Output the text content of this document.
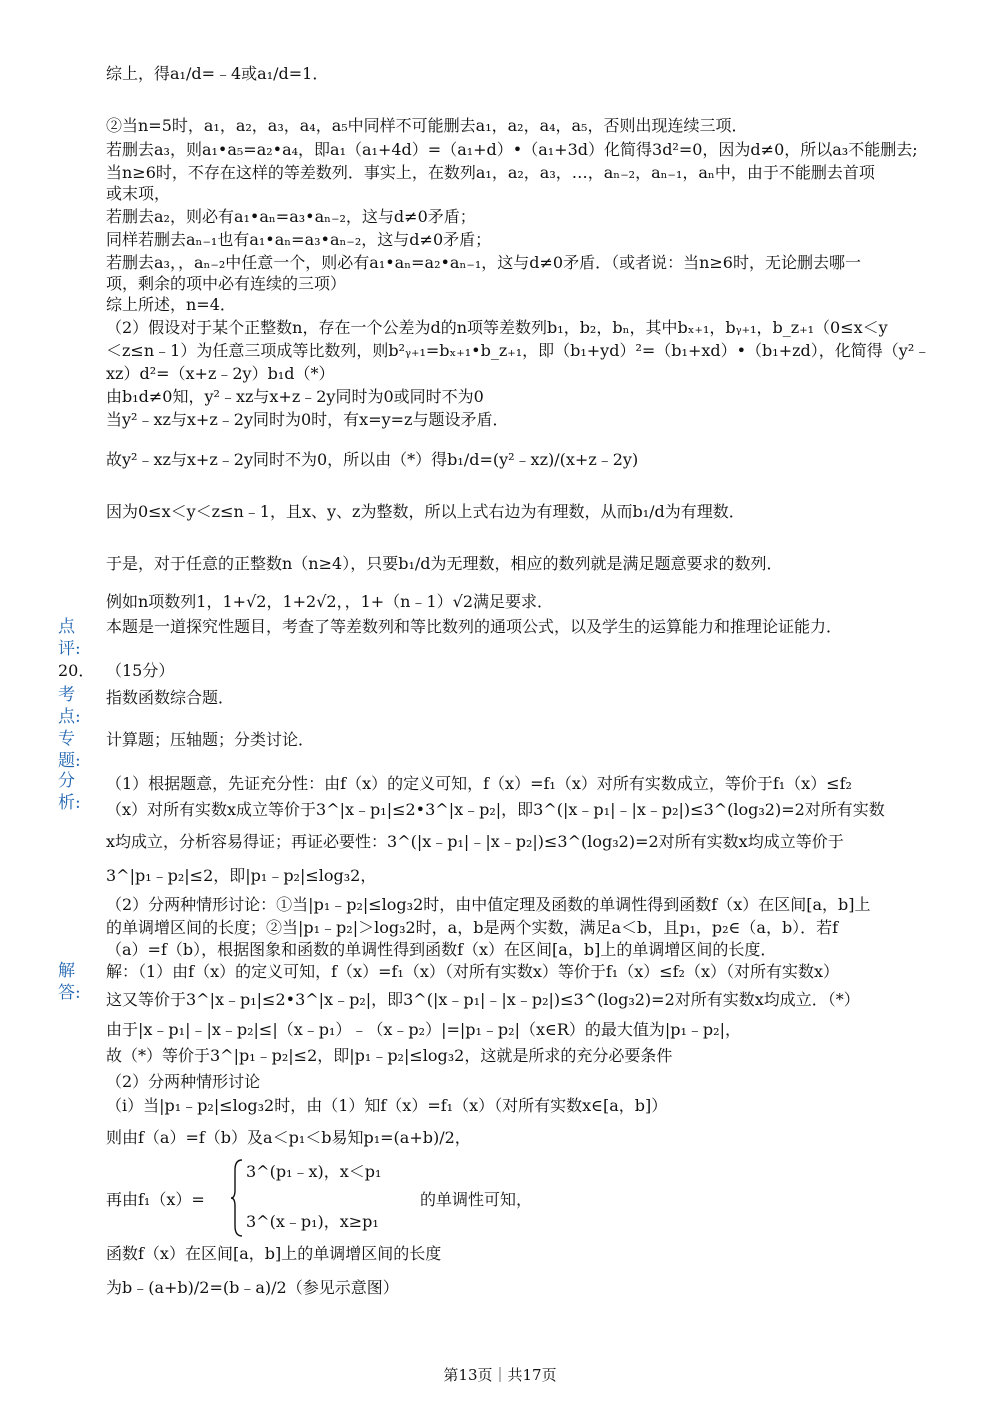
综上，得a₁/d=﹣4或a₁/d=1．
②当n=5时，a₁，a₂，a₃，a₄，a₅中同样不可能删去a₁，a₂，a₄，a₅，否则出现连续三项．
若删去a₃，则a₁•a₅=a₂•a₄，即a₁（a₁+4d）=（a₁+d）•（a₁+3d）化简得3d²=0，因为d≠0，所以a₃不能删去;
当n≥6时，不存在这样的等差数列．事实上，在数列a₁，a₂，a₃，…，aₙ₋₂，aₙ₋₁，aₙ中，由于不能删去首项
或末项，
若删去a₂，则必有a₁•aₙ=a₃•aₙ₋₂，这与d≠0矛盾；
同样若删去aₙ₋₁也有a₁•aₙ=a₃•aₙ₋₂，这与d≠0矛盾；
若删去a₃，，aₙ₋₂中任意一个，则必有a₁•aₙ=a₂•aₙ₋₁，这与d≠0矛盾．（或者说：当n≥6时，无论删去哪一
项，剩余的项中必有连续的三项）
综上所述，n=4．
（2）假设对于某个正整数n，存在一个公差为d的n项等差数列b₁，b₂，bₙ，其中bₓ₊₁，bᵧ₊₁，b_z₊₁（0≤x＜y
＜z≤n﹣1）为任意三项成等比数列，则b²ᵧ₊₁=bₓ₊₁•b_z₊₁，即（b₁+yd）²=（b₁+xd）•（b₁+zd），化简得（y²﹣
xz）d²=（x+z﹣2y）b₁d（*）
由b₁d≠0知，y²﹣xz与x+z﹣2y同时为0或同时不为0
当y²﹣xz与x+z﹣2y同时为0时，有x=y=z与题设矛盾．
故y²﹣xz与x+z﹣2y同时不为0，所以由（*）得b₁/d=(y²﹣xz)/(x+z﹣2y)
因为0≤x＜y＜z≤n﹣1，且x、y、z为整数，所以上式右边为有理数，从而b₁/d为有理数．
于是，对于任意的正整数n（n≥4），只要b₁/d为无理数，相应的数列就是满足题意要求的数列．
例如n项数列1，1+√2，1+2√2，，1+（n﹣1）√2满足要求．
点
评:
本题是一道探究性题目，考查了等差数列和等比数列的通项公式，以及学生的运算能力和推理论证能力．
20． （15分）
考
点:
指数函数综合题．
专
题:
计算题；压轴题；分类讨论．
分
析:
（1）根据题意，先证充分性：由f（x）的定义可知，f（x）=f₁（x）对所有实数成立，等价于f₁（x）≤f₂
（x）对所有实数x成立等价于3^|x﹣p₁|≤2•3^|x﹣p₂|，即3^(|x﹣p₁|﹣|x﹣p₂|)≤3^(log₃2)=2对所有实数
x均成立，分析容易得证；再证必要性：3^(|x﹣p₁|﹣|x﹣p₂|)≤3^(log₃2)=2对所有实数x均成立等价于
3^|p₁﹣p₂|≤2，即|p₁﹣p₂|≤log₃2，
（2）分两种情形讨论：①当|p₁﹣p₂|≤log₃2时，由中值定理及函数的单调性得到函数f（x）在区间[a，b]上
的单调增区间的长度；②当|p₁﹣p₂|＞log₃2时，a，b是两个实数，满足a＜b，且p₁，p₂∈（a，b）．若f
（a）=f（b），根据图象和函数的单调性得到函数f（x）在区间[a，b]上的单调增区间的长度．
解
答:
解：（1）由f（x）的定义可知，f（x）=f₁（x）（对所有实数x）等价于f₁（x）≤f₂（x）（对所有实数x）
这又等价于3^|x﹣p₁|≤2•3^|x﹣p₂|，即3^(|x﹣p₁|﹣|x﹣p₂|)≤3^(log₃2)=2对所有实数x均成立．（*）
由于|x﹣p₁|﹣|x﹣p₂|≤|（x﹣p₁）﹣（x﹣p₂）|=|p₁﹣p₂|（x∈R）的最大值为|p₁﹣p₂|，
故（*）等价于3^|p₁﹣p₂|≤2，即|p₁﹣p₂|≤log₃2，这就是所求的充分必要条件
（2）分两种情形讨论
（i）当|p₁﹣p₂|≤log₃2时，由（1）知f（x）=f₁（x）（对所有实数x∈[a，b]）
则由f（a）=f（b）及a＜p₁＜b易知p₁=(a+b)/2，
再由f₁（x）=
3^(p₁﹣x)，x＜p₁
3^(x﹣p₁)，x≥p₁
的单调性可知，
函数f（x）在区间[a，b]上的单调增区间的长度
为b﹣(a+b)/2=(b﹣a)/2（参见示意图）
第13页｜共17页
